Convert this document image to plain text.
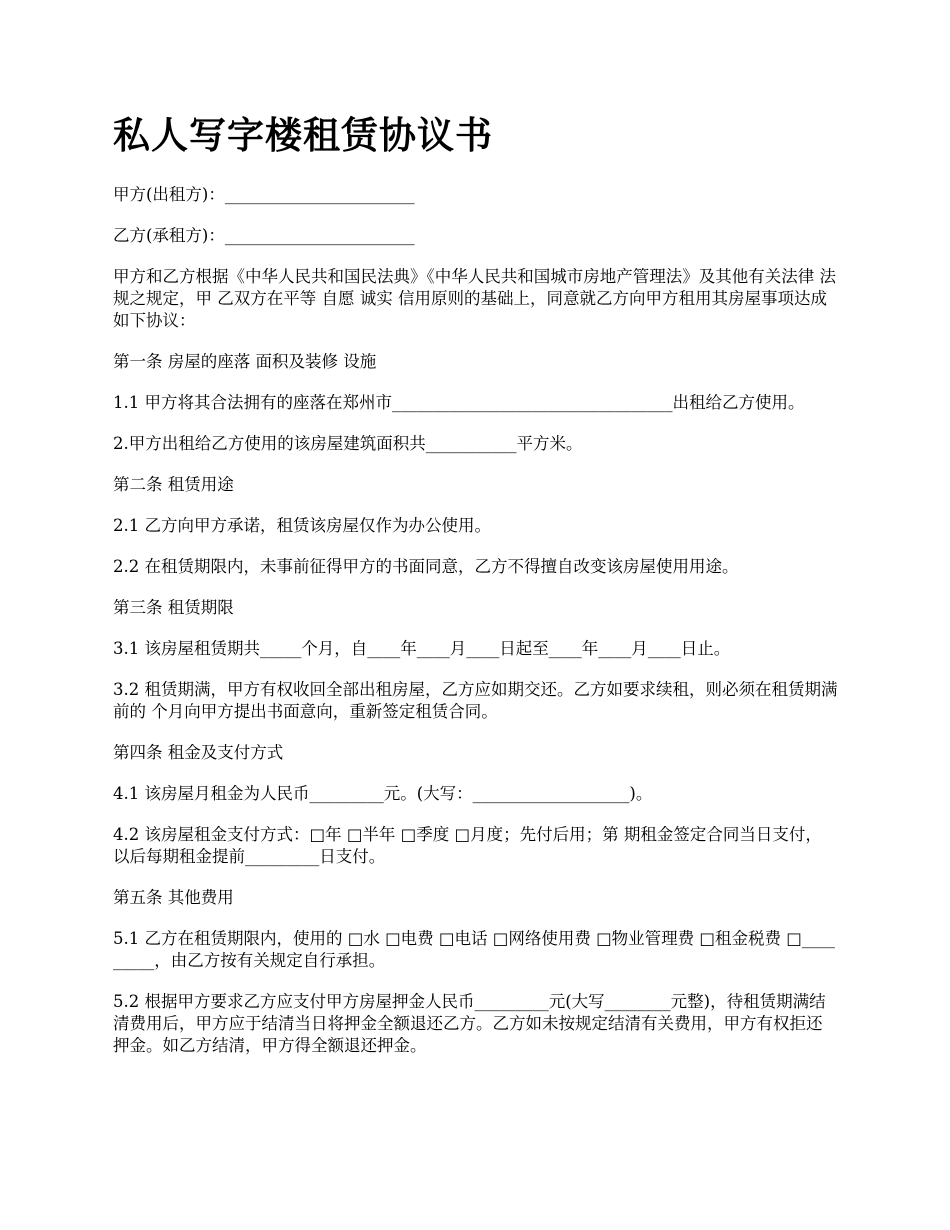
私人写字楼租赁协议书

甲方(出租方)：_______________________

乙方(承租方)：_______________________

甲方和乙方根据《中华人民共和国民法典》《中华人民共和国城市房地产管理法》及其他有关法律 法规之规定，甲 乙双方在平等 自愿 诚实 信用原则的基础上，同意就乙方向甲方租用其房屋事项达成如下协议：

第一条 房屋的座落 面积及装修 设施

1.1 甲方将其合法拥有的座落在郑州市__________________________________出租给乙方使用。

2.甲方出租给乙方使用的该房屋建筑面积共___________平方米。

第二条 租赁用途

2.1 乙方向甲方承诺，租赁该房屋仅作为办公使用。

2.2 在租赁期限内，未事前征得甲方的书面同意，乙方不得擅自改变该房屋使用用途。

第三条 租赁期限

3.1 该房屋租赁期共_____个月，自____年____月____日起至____年____月____日止。

3.2 租赁期满，甲方有权收回全部出租房屋，乙方应如期交还。乙方如要求续租，则必须在租赁期满前的 个月向甲方提出书面意向，重新签定租赁合同。

第四条 租金及支付方式

4.1 该房屋月租金为人民币_________元。(大写：___________________)。

4.2 该房屋租金支付方式：□年 □半年 □季度 □月度；先付后用；第 期租金签定合同当日支付，以后每期租金提前_________日支付。

第五条 其他费用

5.1 乙方在租赁期限内，使用的 □水 □电费 □电话 □网络使用费 □物业管理费 □租金税费 □_________，由乙方按有关规定自行承担。

5.2 根据甲方要求乙方应支付甲方房屋押金人民币_________元(大写________元整)，待租赁期满结清费用后，甲方应于结清当日将押金全额退还乙方。乙方如未按规定结清有关费用，甲方有权拒还押金。如乙方结清，甲方得全额退还押金。
